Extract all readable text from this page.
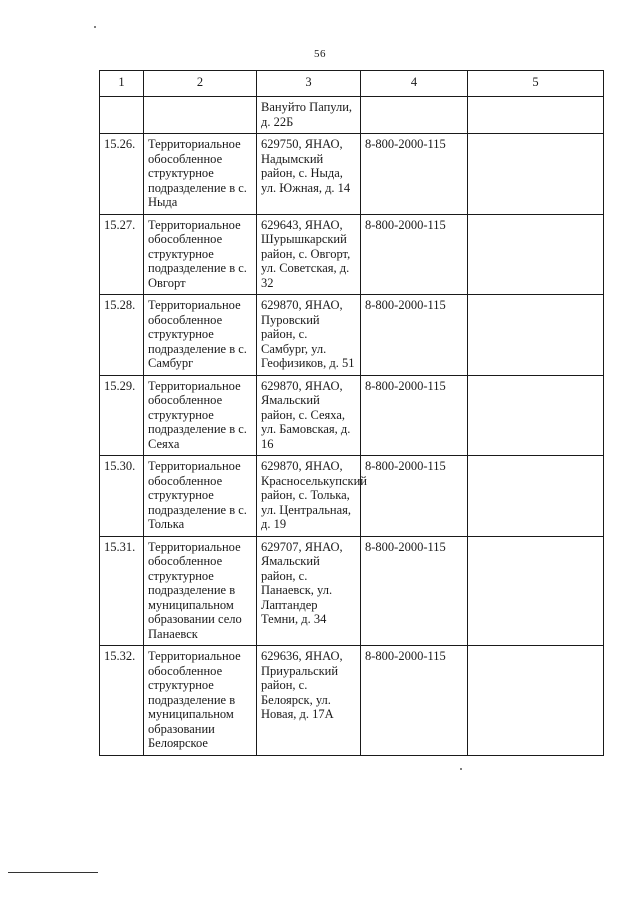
56
1	2	3	4	5
		Вануйто Папули, д. 22Б		
15.26.	Территориальное обособленное структурное подразделение в с. Ныда	629750, ЯНАО, Надымский район, с. Ныда, ул. Южная, д. 14	8-800-2000-115	
15.27.	Территориальное обособленное структурное подразделение в с. Овгорт	629643, ЯНАО, Шурышкарский район, с. Овгорт, ул. Советская, д. 32	8-800-2000-115	
15.28.	Территориальное обособленное структурное подразделение в с. Самбург	629870, ЯНАО, Пуровский район, с. Самбург, ул. Геофизиков, д. 51	8-800-2000-115	
15.29.	Территориальное обособленное структурное подразделение в с. Сеяха	629870, ЯНАО, Ямальский район, с. Сеяха, ул. Бамовская, д. 16	8-800-2000-115	
15.30.	Территориальное обособленное структурное подразделение в с. Толька	629870, ЯНАО, Красноселькупский район, с. Толька, ул. Центральная, д. 19	8-800-2000-115	
15.31.	Территориальное обособленное структурное подразделение в муниципальном образовании село Панаевск	629707, ЯНАО, Ямальский район, с. Панаевск, ул. Лаптандер Темни, д. 34	8-800-2000-115	
15.32.	Территориальное обособленное структурное подразделение в муниципальном образовании Белоярское	629636, ЯНАО, Приуральский район, с. Белоярск, ул. Новая, д. 17А	8-800-2000-115	
